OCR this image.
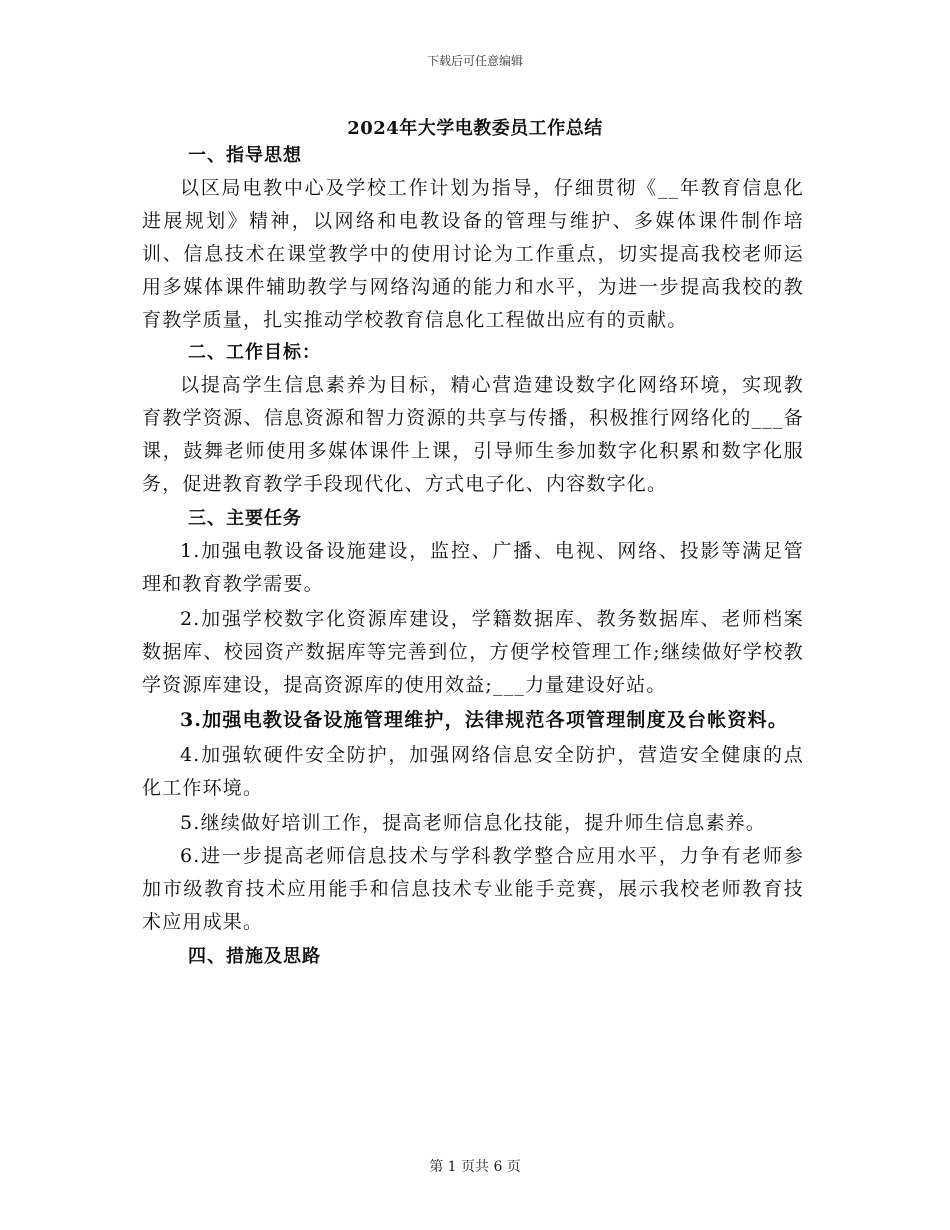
下载后可任意编辑
2024年大学电教委员工作总结

一、指导思想

以区局电教中心及学校工作计划为指导，仔细贯彻《__年教育信息化进展规划》精神，以网络和电教设备的管理与维护、多媒体课件制作培训、信息技术在课堂教学中的使用讨论为工作重点，切实提高我校老师运用多媒体课件辅助教学与网络沟通的能力和水平，为进一步提高我校的教育教学质量，扎实推动学校教育信息化工程做出应有的贡献。

二、工作目标：

以提高学生信息素养为目标，精心营造建设数字化网络环境，实现教育教学资源、信息资源和智力资源的共享与传播，积极推行网络化的___备课，鼓舞老师使用多媒体课件上课，引导师生参加数字化积累和数字化服务，促进教育教学手段现代化、方式电子化、内容数字化。

三、主要任务

1.加强电教设备设施建设，监控、广播、电视、网络、投影等满足管理和教育教学需要。

2.加强学校数字化资源库建设，学籍数据库、教务数据库、老师档案数据库、校园资产数据库等完善到位，方便学校管理工作;继续做好学校教学资源库建设，提高资源库的使用效益;___力量建设好站。

3.加强电教设备设施管理维护，法律规范各项管理制度及台帐资料。

4.加强软硬件安全防护，加强网络信息安全防护，营造安全健康的点化工作环境。

5.继续做好培训工作，提高老师信息化技能，提升师生信息素养。

6.进一步提高老师信息技术与学科教学整合应用水平，力争有老师参加市级教育技术应用能手和信息技术专业能手竞赛，展示我校老师教育技术应用成果。

四、措施及思路

第 1 页共 6 页
